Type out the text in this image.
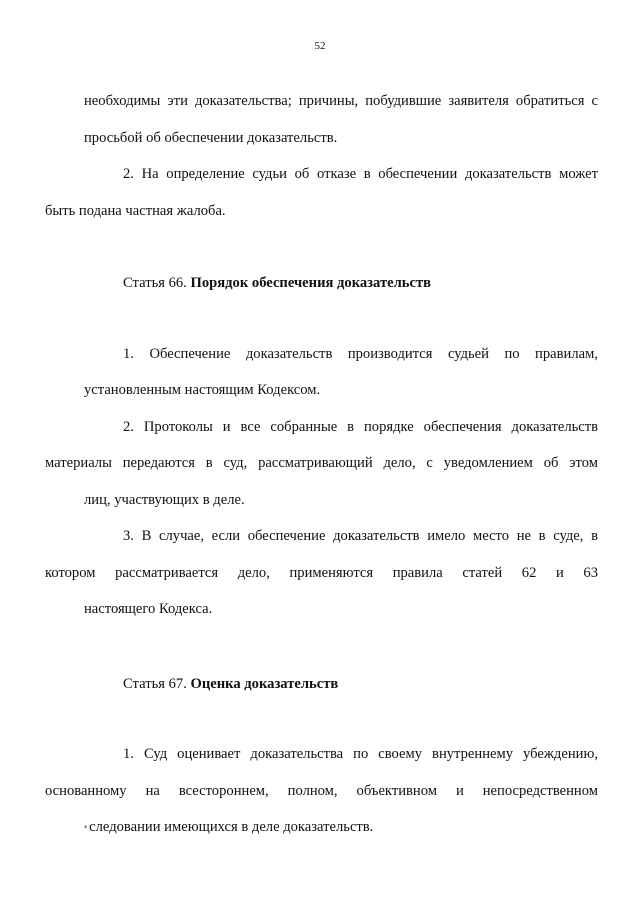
52

необходимы эти доказательства; причины, побудившие заявителя обратиться с
просьбой об обеспечении доказательств.

2. На определение судьи об отказе в обеспечении доказательств может
быть подана частная жалоба.

Статья 66. Порядок обеспечения доказательств

1. Обеспечение доказательств производится судьей по правилам,
установленным настоящим Кодексом.

2. Протоколы и все собранные в порядке обеспечения доказательств
материалы передаются в суд, рассматривающий дело, с уведомлением об этом
лиц, участвующих в деле.

3. В случае, если обеспечение доказательств имело место не в суде, в
котором рассматривается дело, применяются правила статей 62 и 63
настоящего Кодекса.

Статья 67. Оценка доказательств

1. Суд оценивает доказательства по своему внутреннему убеждению,
основанному на всестороннем, полном, объективном и непосредственном
• следовании имеющихся в деле доказательств.
